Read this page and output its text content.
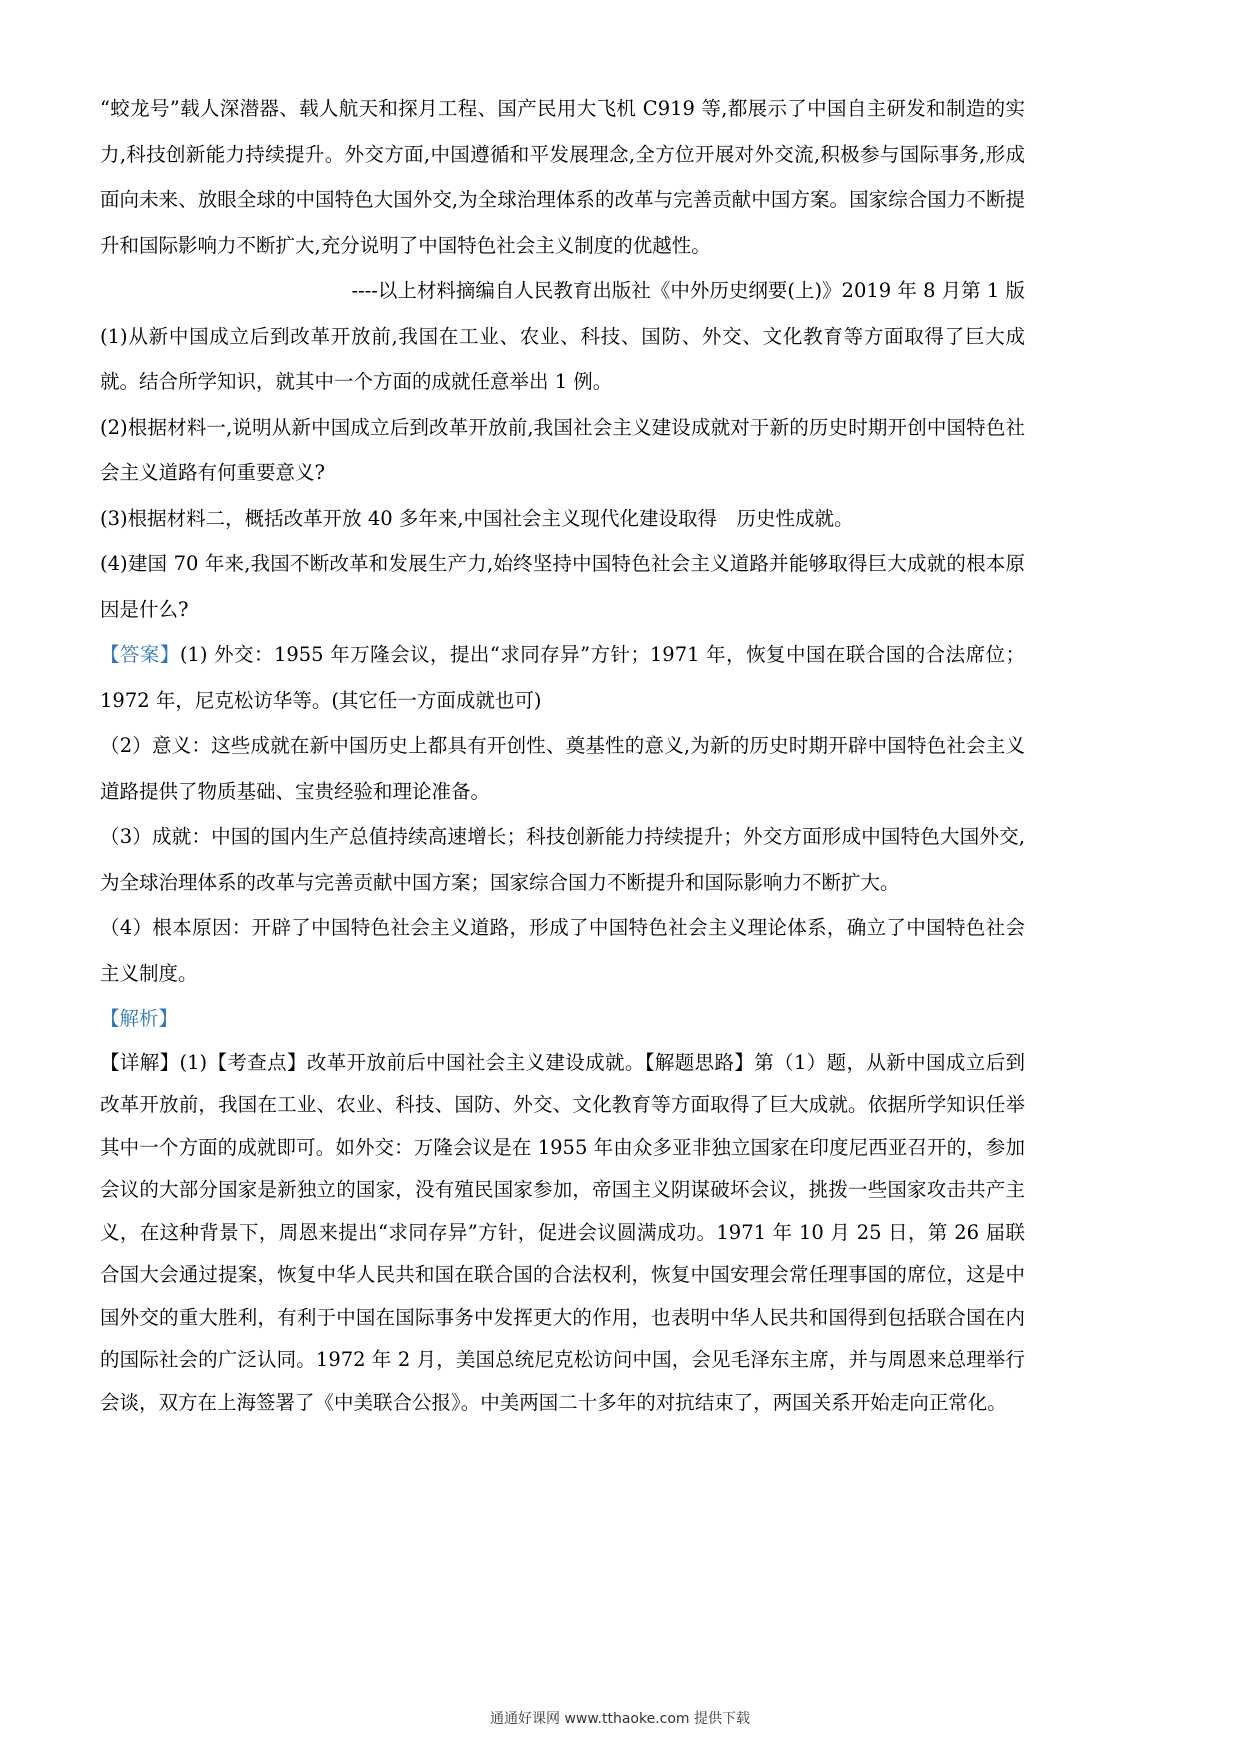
“蛟龙号”载人深潜器、载人航天和探月工程、国产民用大飞机 C919 等,都展示了中国自主研发和制造的实力,科技创新能力持续提升。外交方面,中国遵循和平发展理念,全方位开展对外交流,积极参与国际事务,形成面向未来、放眼全球的中国特色大国外交,为全球治理体系的改革与完善贡献中国方案。国家综合国力不断提升和国际影响力不断扩大,充分说明了中国特色社会主义制度的优越性。

----以上材料摘编自人民教育出版社《中外历史纲要(上)》2019 年 8 月第 1 版

(1)从新中国成立后到改革开放前,我国在工业、农业、科技、国防、外交、文化教育等方面取得了巨大成就。结合所学知识，就其中一个方面的成就任意举出 1 例。

(2)根据材料一,说明从新中国成立后到改革开放前,我国社会主义建设成就对于新的历史时期开创中国特色社会主义道路有何重要意义?

(3)根据材料二，概括改革开放 40 多年来,中国社会主义现代化建设取得　历史性成就。

(4)建国 70 年来,我国不断改革和发展生产力,始终坚持中国特色社会主义道路并能够取得巨大成就的根本原因是什么?

【答案】(1) 外交：1955 年万隆会议，提出“求同存异”方针；1971 年，恢复中国在联合国的合法席位；1972 年，尼克松访华等。(其它任一方面成就也可)

（2）意义：这些成就在新中国历史上都具有开创性、奠基性的意义,为新的历史时期开辟中国特色社会主义道路提供了物质基础、宝贵经验和理论准备。

（3）成就：中国的国内生产总值持续高速增长；科技创新能力持续提升；外交方面形成中国特色大国外交,为全球治理体系的改革与完善贡献中国方案；国家综合国力不断提升和国际影响力不断扩大。

（4）根本原因：开辟了中国特色社会主义道路，形成了中国特色社会主义理论体系，确立了中国特色社会主义制度。

【解析】

【详解】(1)【考查点】改革开放前后中国社会主义建设成就。【解题思路】第（1）题，从新中国成立后到改革开放前，我国在工业、农业、科技、国防、外交、文化教育等方面取得了巨大成就。依据所学知识任举其中一个方面的成就即可。如外交：万隆会议是在 1955 年由众多亚非独立国家在印度尼西亚召开的，参加会议的大部分国家是新独立的国家，没有殖民国家参加，帝国主义阴谋破坏会议，挑拨一些国家攻击共产主义，在这种背景下，周恩来提出“求同存异”方针，促进会议圆满成功。1971 年 10 月 25 日，第 26 届联合国大会通过提案，恢复中华人民共和国在联合国的合法权利，恢复中国安理会常任理事国的席位，这是中国外交的重大胜利，有利于中国在国际事务中发挥更大的作用，也表明中华人民共和国得到包括联合国在内的国际社会的广泛认同。1972 年 2 月，美国总统尼克松访问中国，会见毛泽东主席，并与周恩来总理举行会谈，双方在上海签署了《中美联合公报》。中美两国二十多年的对抗结束了，两国关系开始走向正常化。

通通好课网 www.tthaoke.com 提供下载
